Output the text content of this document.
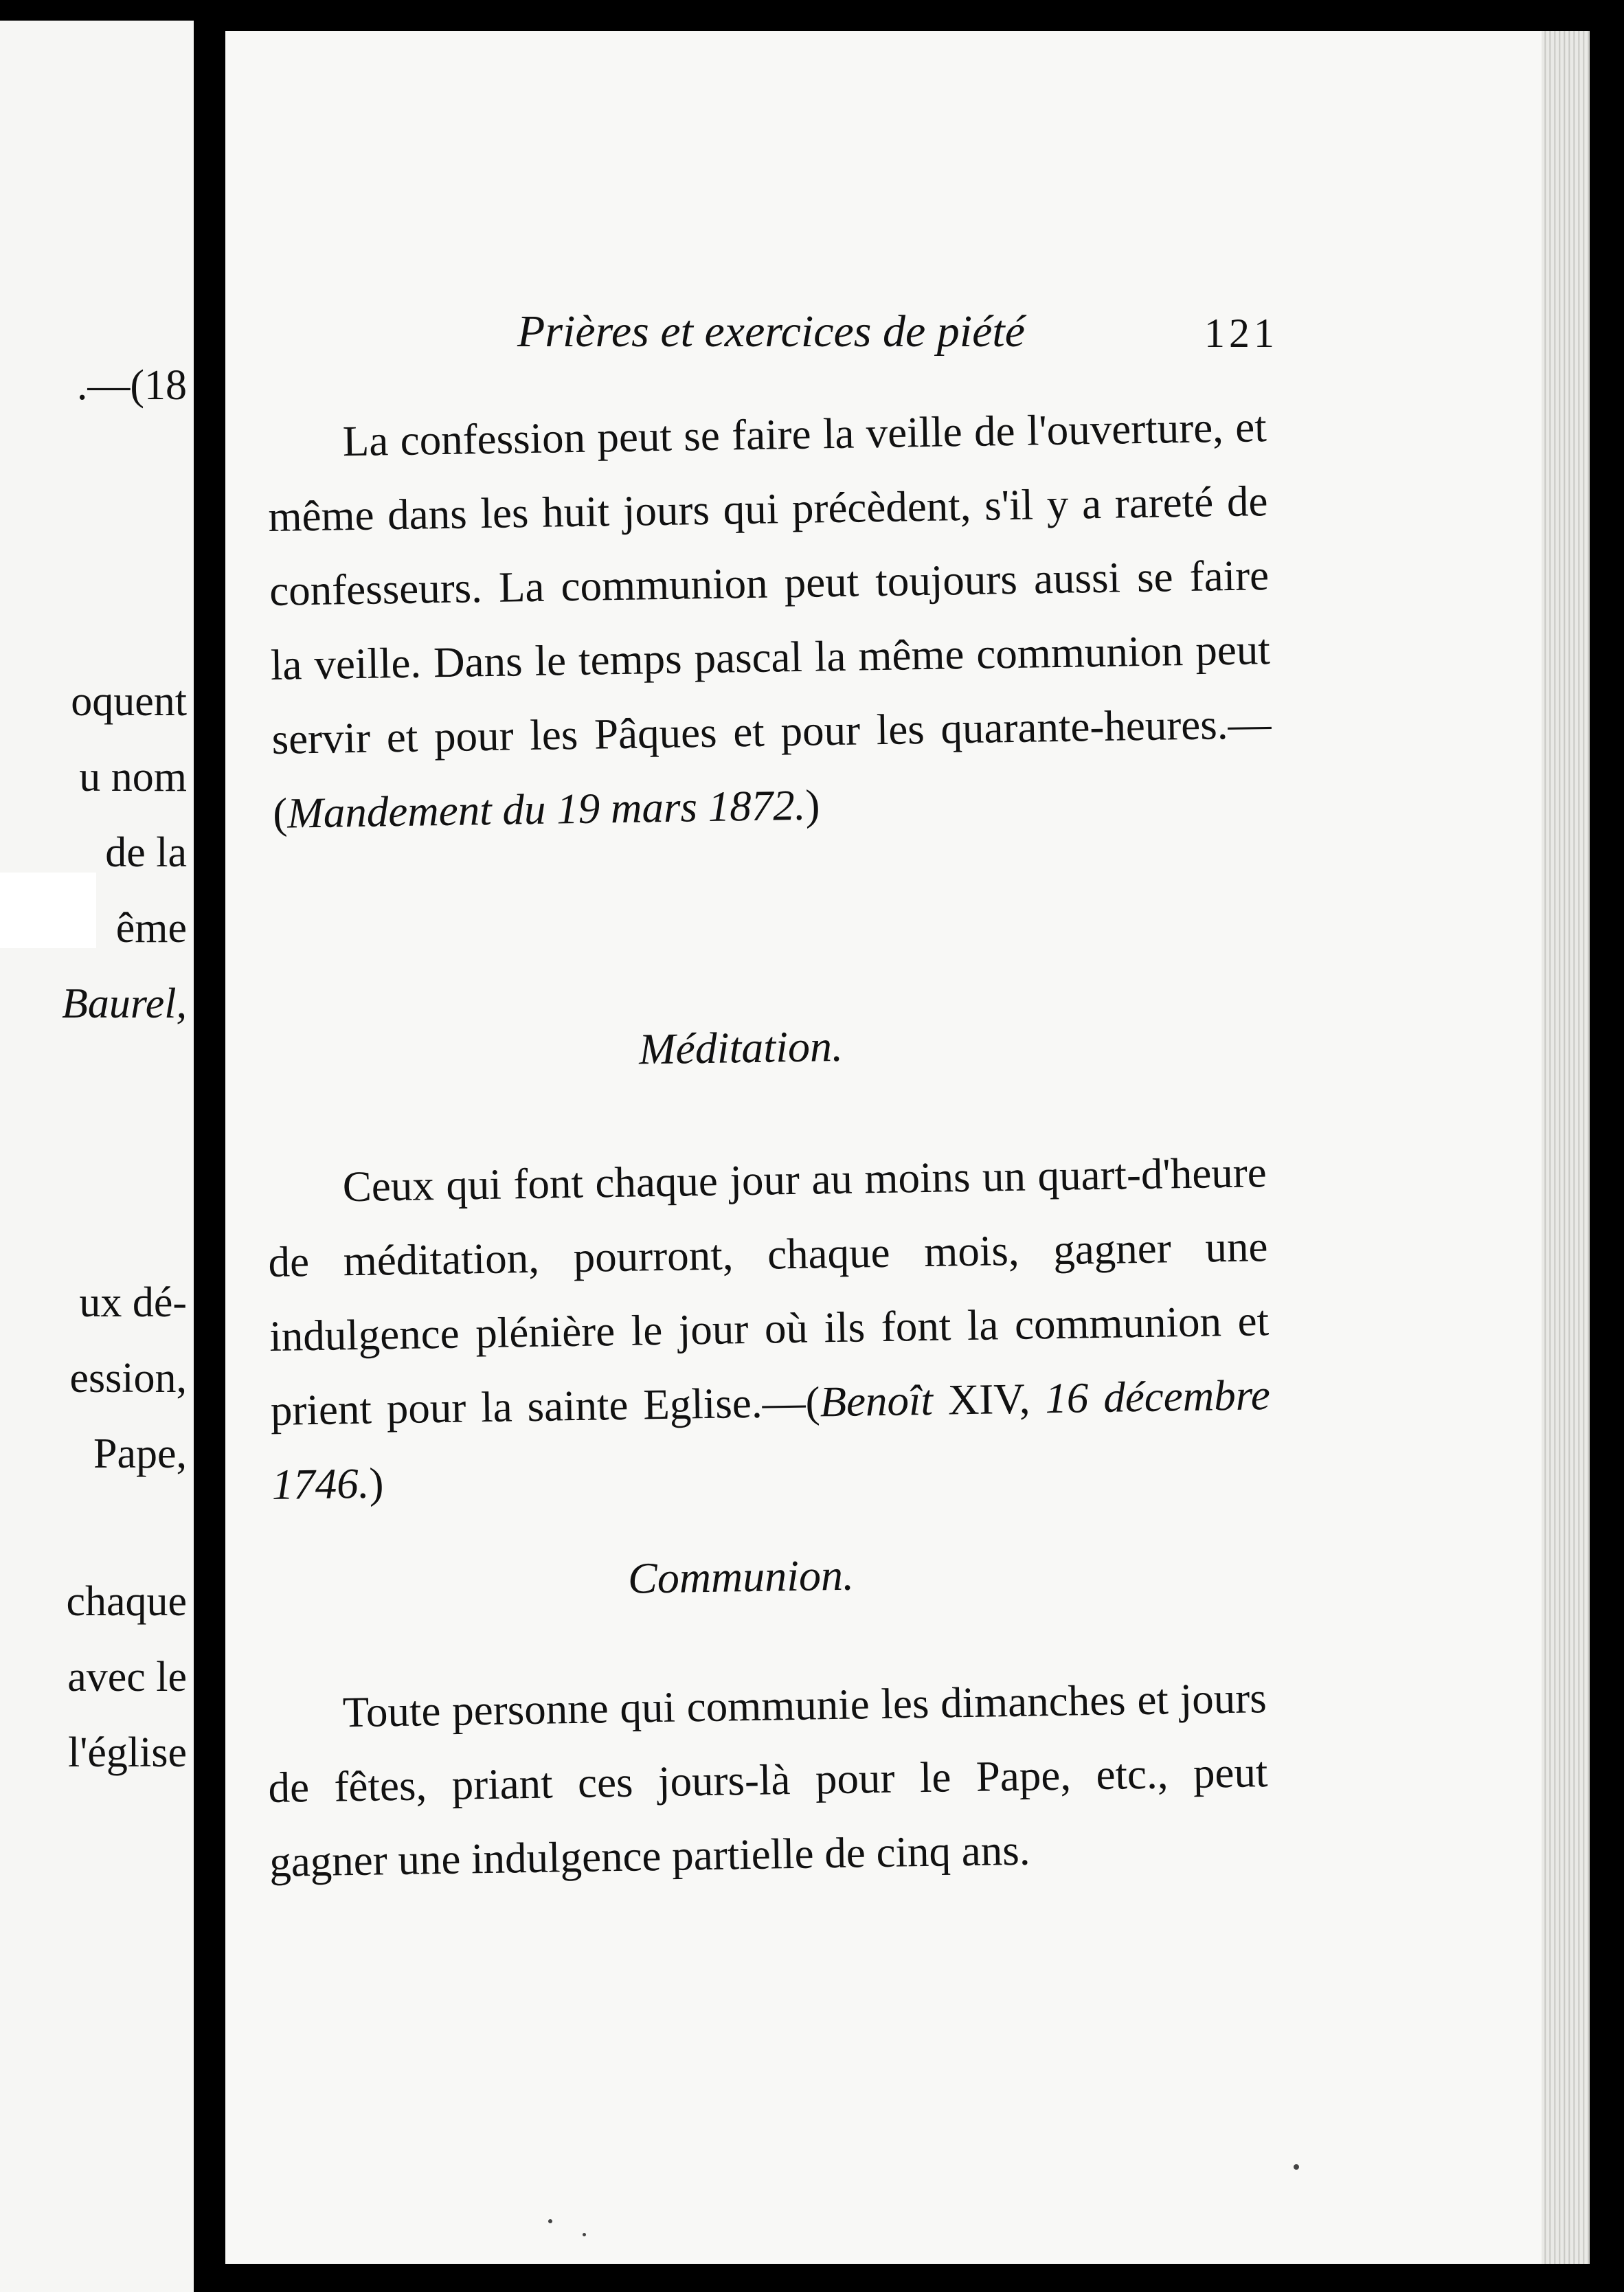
.—(18
oquent
u nom
de la
ême
Baurel,
ux dé-
ession,
Pape,
chaque
avec le
l'église
Prières et exercices de piété	121

La confession peut se faire la veille de l'ouverture, et même dans les huit jours qui précèdent, s'il y a rareté de confesseurs. La communion peut toujours aussi se faire la veille. Dans le temps pascal la même communion peut servir et pour les Pâques et pour les quarante-heures.—(Mandement du 19 mars 1872.)

Méditation.

Ceux qui font chaque jour au moins un quart-d'heure de méditation, pourront, chaque mois, gagner une indulgence plénière le jour où ils font la communion et prient pour la sainte Eglise.—(Benoît XIV, 16 décembre 1746.)

Communion.

Toute personne qui communie les dimanches et jours de fêtes, priant ces jours-là pour le Pape, etc., peut gagner une indulgence partielle de cinq ans.
